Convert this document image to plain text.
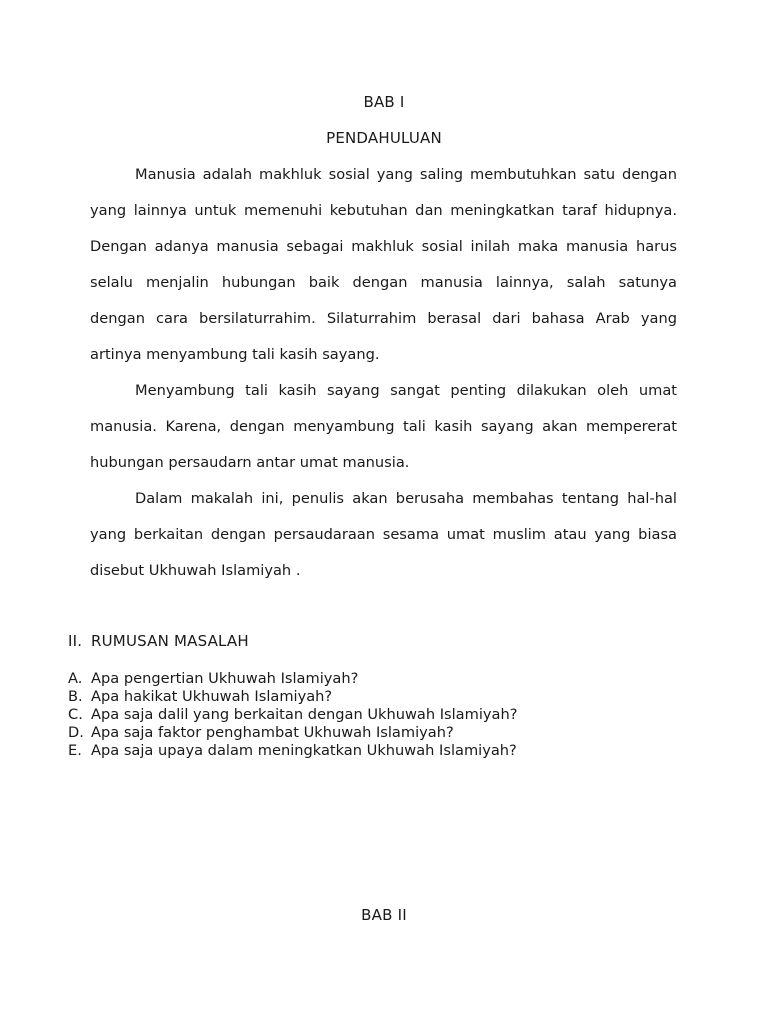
BAB I
PENDAHULUAN
Manusia adalah makhluk sosial yang saling membutuhkan satu dengan
yang lainnya untuk memenuhi kebutuhan dan meningkatkan taraf hidupnya.
Dengan adanya manusia sebagai makhluk sosial inilah maka manusia harus
selalu menjalin hubungan baik dengan manusia lainnya, salah satunya
dengan cara bersilaturrahim. Silaturrahim berasal dari bahasa Arab yang
artinya menyambung tali kasih sayang.
Menyambung tali kasih sayang sangat penting dilakukan oleh umat
manusia. Karena, dengan menyambung tali kasih sayang akan mempererat
hubungan persaudarn antar umat manusia.
Dalam makalah ini, penulis akan berusaha membahas tentang hal-hal
yang berkaitan dengan persaudaraan sesama umat muslim atau yang biasa
disebut Ukhuwah Islamiyah .
II. RUMUSAN MASALAH
A. Apa pengertian Ukhuwah Islamiyah?
B. Apa hakikat Ukhuwah Islamiyah?
C. Apa saja dalil yang berkaitan dengan Ukhuwah Islamiyah?
D. Apa saja faktor penghambat Ukhuwah Islamiyah?
E. Apa saja upaya dalam meningkatkan Ukhuwah Islamiyah?
BAB II
